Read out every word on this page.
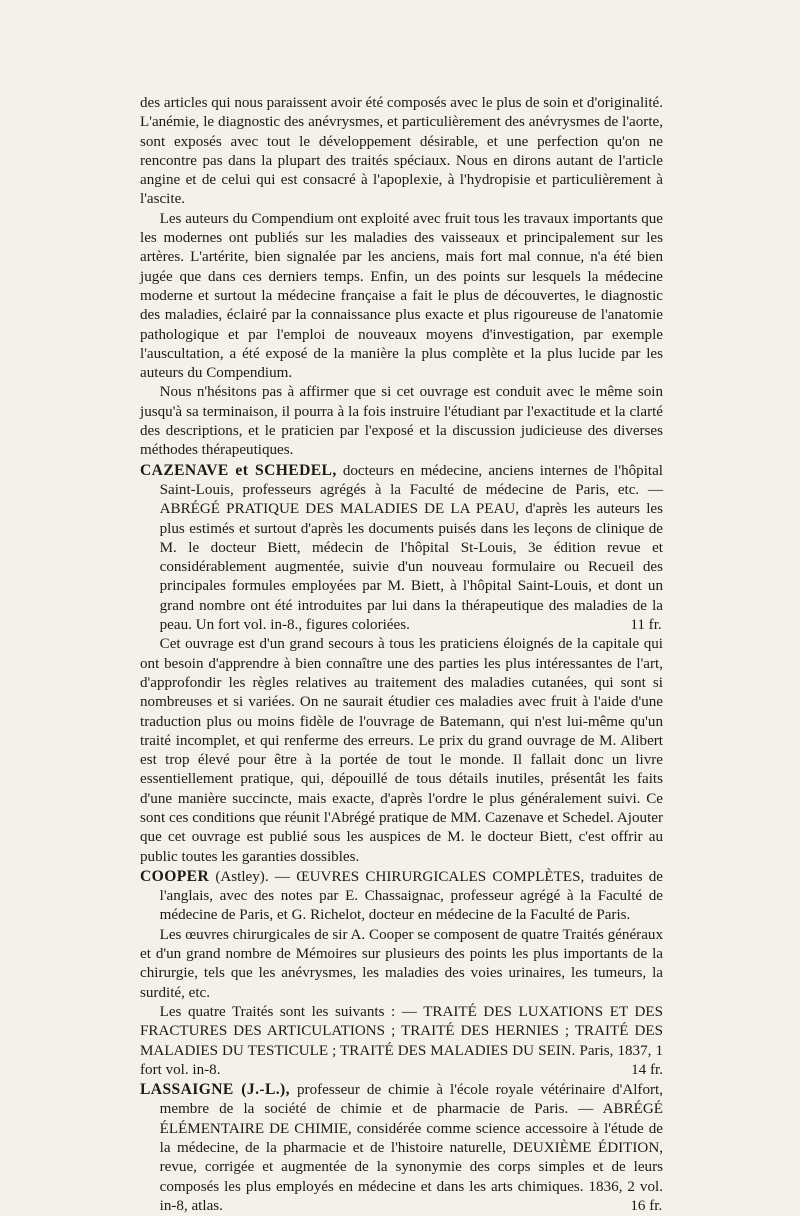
des articles qui nous paraissent avoir été composés avec le plus de soin et d'originalité. L'anémie, le diagnostic des anévrysmes, et particulièrement des anévrysmes de l'aorte, sont exposés avec tout le développement désirable, et une perfection qu'on ne rencontre pas dans la plupart des traités spéciaux. Nous en dirons autant de l'article angine et de celui qui est consacré à l'apoplexie, à l'hydropisie et particulièrement à l'ascite.

Les auteurs du Compendium ont exploité avec fruit tous les travaux importants que les modernes ont publiés sur les maladies des vaisseaux et principalement sur les artères. L'artérite, bien signalée par les anciens, mais fort mal connue, n'a été bien jugée que dans ces derniers temps. Enfin, un des points sur lesquels la médecine moderne et surtout la médecine française a fait le plus de découvertes, le diagnostic des maladies, éclairé par la connaissance plus exacte et plus rigoureuse de l'anatomie pathologique et par l'emploi de nouveaux moyens d'investigation, par exemple l'auscultation, a été exposé de la manière la plus complète et la plus lucide par les auteurs du Compendium.

Nous n'hésitons pas à affirmer que si cet ouvrage est conduit avec le même soin jusqu'à sa terminaison, il pourra à la fois instruire l'étudiant par l'exactitude et la clarté des descriptions, et le praticien par l'exposé et la discussion judicieuse des diverses méthodes thérapeutiques.

CAZENAVE et SCHEDEL, docteurs en médecine, anciens internes de l'hôpital Saint-Louis, professeurs agrégés à la Faculté de médecine de Paris, etc. — ABRÉGÉ PRATIQUE DES MALADIES DE LA PEAU, d'après les auteurs les plus estimés et surtout d'après les documents puisés dans les leçons de clinique de M. le docteur Biett, médecin de l'hôpital St-Louis, 3e édition revue et considérablement augmentée, suivie d'un nouveau formulaire ou Recueil des principales formules employées par M. Biett, à l'hôpital Saint-Louis, et dont un grand nombre ont été introduites par lui dans la thérapeutique des maladies de la peau. Un fort vol. in-8., figures coloriées.	11 fr.

Cet ouvrage est d'un grand secours à tous les praticiens éloignés de la capitale qui ont besoin d'apprendre à bien connaître une des parties les plus intéressantes de l'art, d'approfondir les règles relatives au traitement des maladies cutanées, qui sont si nombreuses et si variées. On ne saurait étudier ces maladies avec fruit à l'aide d'une traduction plus ou moins fidèle de l'ouvrage de Batemann, qui n'est lui-même qu'un traité incomplet, et qui renferme des erreurs. Le prix du grand ouvrage de M. Alibert est trop élevé pour être à la portée de tout le monde. Il fallait donc un livre essentiellement pratique, qui, dépouillé de tous détails inutiles, présentât les faits d'une manière succincte, mais exacte, d'après l'ordre le plus généralement suivi. Ce sont ces conditions que réunit l'Abrégé pratique de MM. Cazenave et Schedel. Ajouter que cet ouvrage est publié sous les auspices de M. le docteur Biett, c'est offrir au public toutes les garanties dossibles.

COOPER (Astley). — ŒUVRES CHIRURGICALES COMPLÈTES, traduites de l'anglais, avec des notes par E. Chassaignac, professeur agrégé à la Faculté de médecine de Paris, et G. Richelot, docteur en médecine de la Faculté de Paris.

Les œuvres chirurgicales de sir A. Cooper se composent de quatre Traités généraux et d'un grand nombre de Mémoires sur plusieurs des points les plus importants de la chirurgie, tels que les anévrysmes, les maladies des voies urinaires, les tumeurs, la surdité, etc.

Les quatre Traités sont les suivants : — TRAITÉ DES LUXATIONS ET DES FRACTURES DES ARTICULATIONS ; TRAITÉ DES HERNIES ; TRAITÉ DES MALADIES DU TESTICULE ; TRAITÉ DES MALADIES DU SEIN. Paris, 1837, 1 fort vol. in-8.	14 fr.

LASSAIGNE (J.-L.), professeur de chimie à l'école royale vétérinaire d'Alfort, membre de la société de chimie et de pharmacie de Paris. — ABRÉGÉ ÉLÉMENTAIRE DE CHIMIE, considérée comme science accessoire à l'étude de la médecine, de la pharmacie et de l'histoire naturelle, DEUXIÈME ÉDITION, revue, corrigée et augmentée de la synonymie des corps simples et de leurs composés les plus employés en médecine et dans les arts chimiques. 1836, 2 vol. in-8, atlas.	16 fr.
